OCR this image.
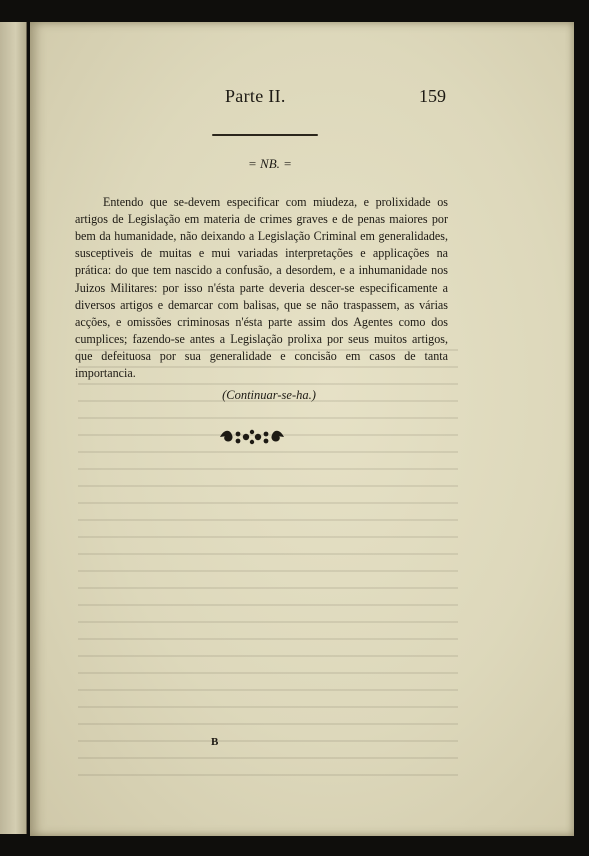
Parte II.	159
= NB. =

Entendo que se-devem especificar com miudeza, e prolixidade os artigos de Legislação em materia de crimes graves e de penas maiores por bem da humanidade, não deixando a Legislação Criminal em generalidades, susceptiveis de muitas e mui variadas interpretações e applicações na prática: do que tem nascido a confusão, a desordem, e a inhumanidade nos Juizos Militares: por isso n'ésta parte deveria descer-se especificamente a diversos artigos e demarcar com balisas, que se não traspassem, as várias acções, e omissões criminosas n'ésta parte assim dos Agentes como dos cumplices; fazendo-se antes a Legislação prolixa por seus muitos artigos, que defeituosa por sua generalidade e concisão em casos de tanta importancia.

(Continuar-se-ha.)
B
